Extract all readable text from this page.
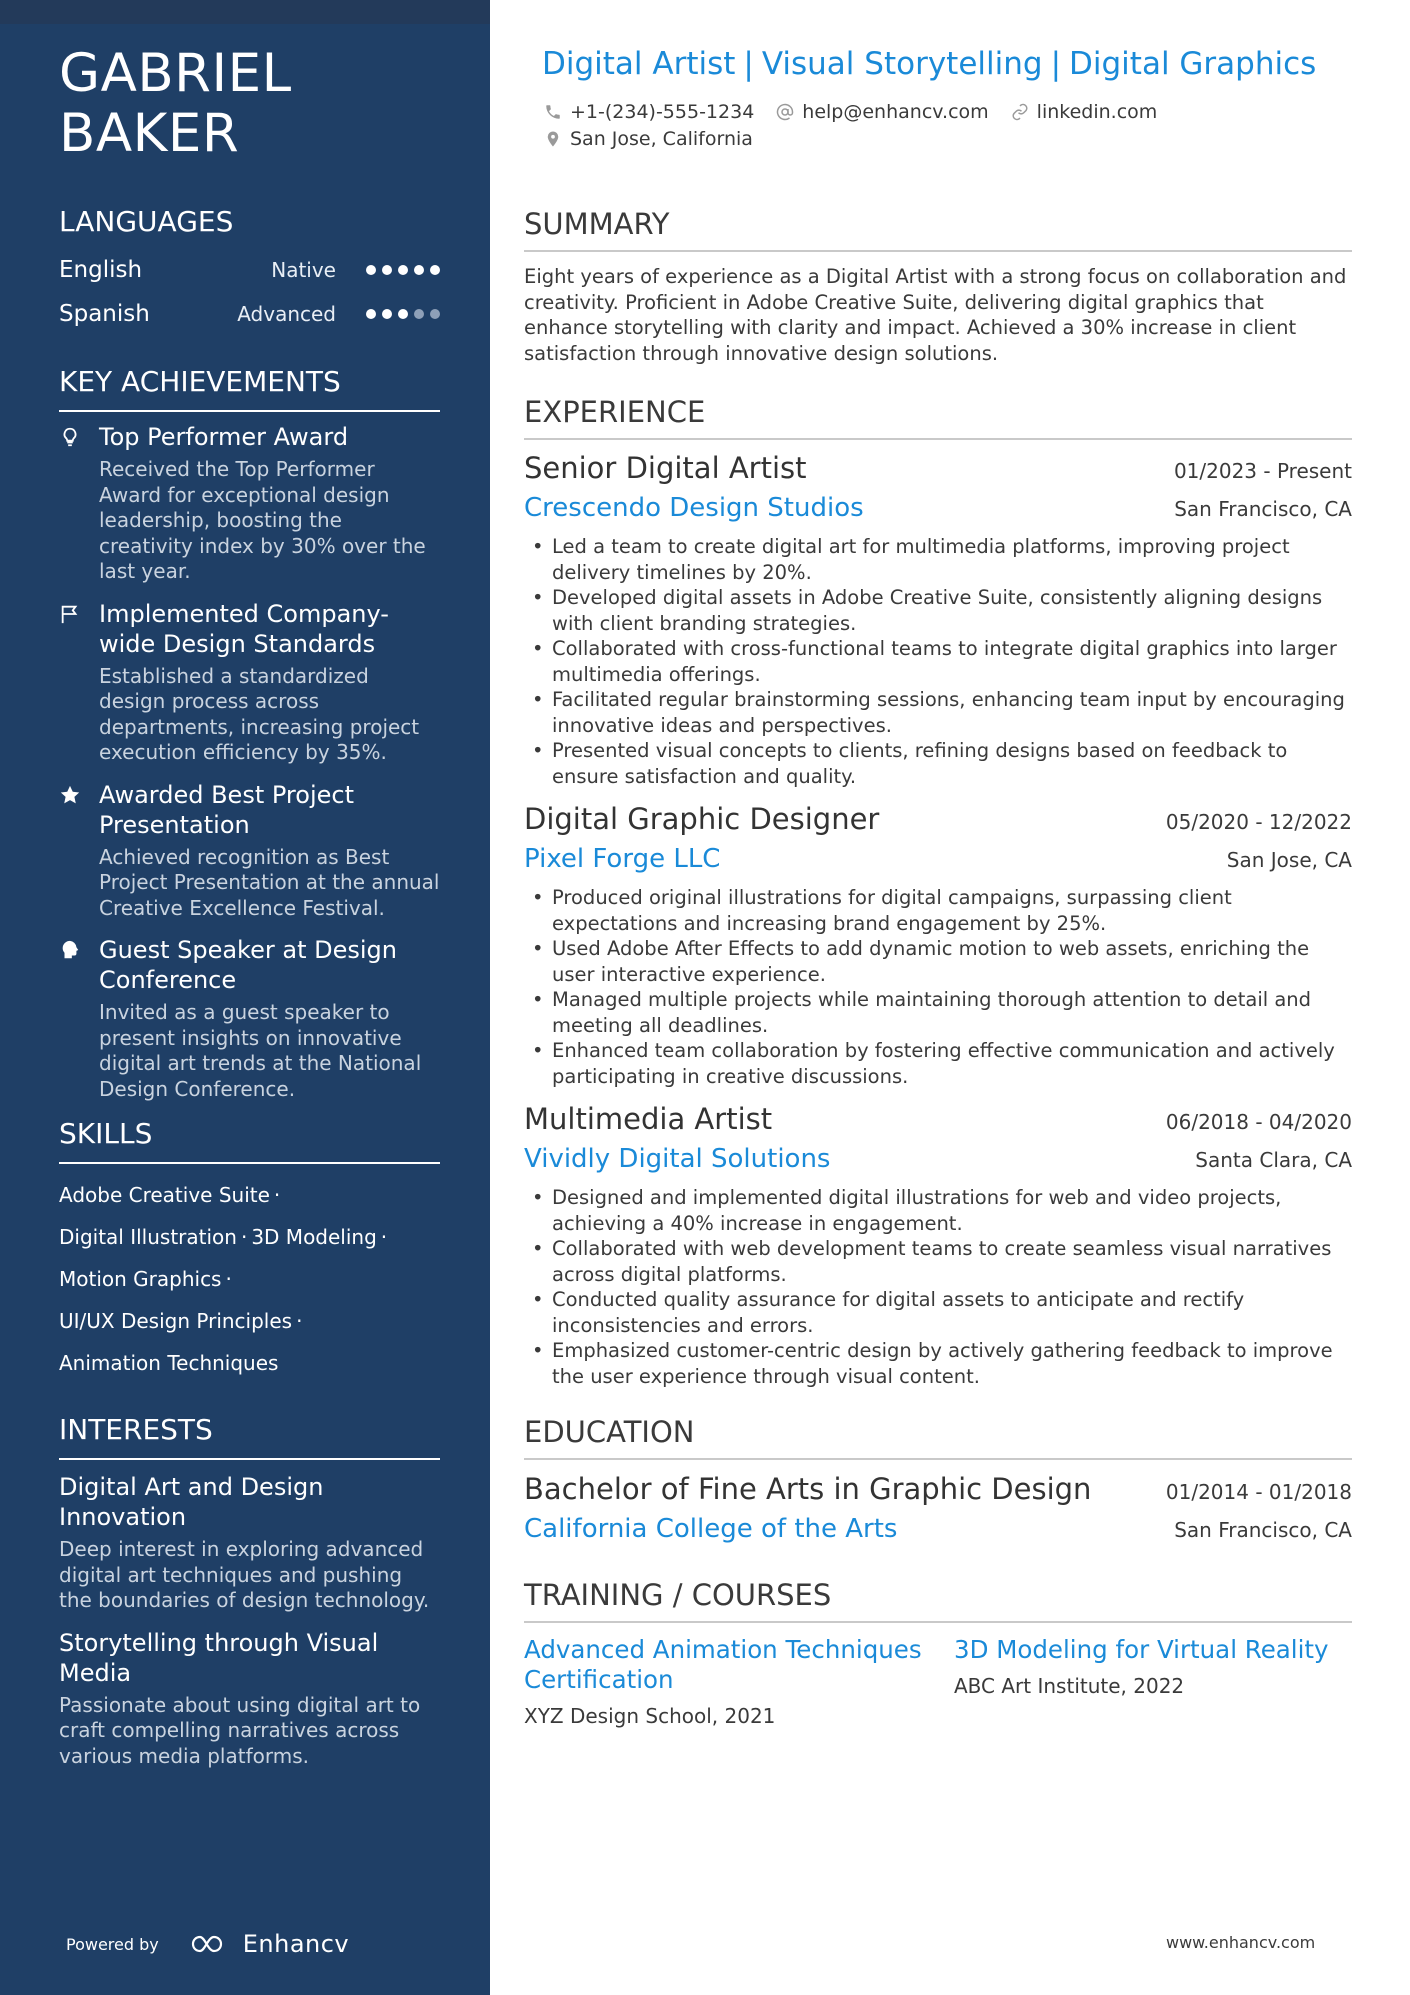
GABRIEL
BAKER
LANGUAGES
English	Native
Spanish	Advanced
KEY ACHIEVEMENTS
Top Performer Award
Received the Top Performer Award for exceptional design leadership, boosting the creativity index by 30% over the last year.
Implemented Company-wide Design Standards
Established a standardized design process across departments, increasing project execution efficiency by 35%.
Awarded Best Project Presentation
Achieved recognition as Best Project Presentation at the annual Creative Excellence Festival.
Guest Speaker at Design Conference
Invited as a guest speaker to present insights on innovative digital art trends at the National Design Conference.
SKILLS
Adobe Creative Suite ·
Digital Illustration · 3D Modeling ·
Motion Graphics ·
UI/UX Design Principles ·
Animation Techniques
INTERESTS
Digital Art and Design Innovation
Deep interest in exploring advanced digital art techniques and pushing the boundaries of design technology.
Storytelling through Visual Media
Passionate about using digital art to craft compelling narratives across various media platforms.
Powered by	Enhancv
Digital Artist | Visual Storytelling | Digital Graphics
+1-(234)-555-1234	help@enhancv.com	linkedin.com
San Jose, California
SUMMARY
Eight years of experience as a Digital Artist with a strong focus on collaboration and creativity. Proficient in Adobe Creative Suite, delivering digital graphics that enhance storytelling with clarity and impact. Achieved a 30% increase in client satisfaction through innovative design solutions.
EXPERIENCE
Senior Digital Artist	01/2023 - Present
Crescendo Design Studios	San Francisco, CA
• Led a team to create digital art for multimedia platforms, improving project delivery timelines by 20%.
• Developed digital assets in Adobe Creative Suite, consistently aligning designs with client branding strategies.
• Collaborated with cross-functional teams to integrate digital graphics into larger multimedia offerings.
• Facilitated regular brainstorming sessions, enhancing team input by encouraging innovative ideas and perspectives.
• Presented visual concepts to clients, refining designs based on feedback to ensure satisfaction and quality.
Digital Graphic Designer	05/2020 - 12/2022
Pixel Forge LLC	San Jose, CA
• Produced original illustrations for digital campaigns, surpassing client expectations and increasing brand engagement by 25%.
• Used Adobe After Effects to add dynamic motion to web assets, enriching the user interactive experience.
• Managed multiple projects while maintaining thorough attention to detail and meeting all deadlines.
• Enhanced team collaboration by fostering effective communication and actively participating in creative discussions.
Multimedia Artist	06/2018 - 04/2020
Vividly Digital Solutions	Santa Clara, CA
• Designed and implemented digital illustrations for web and video projects, achieving a 40% increase in engagement.
• Collaborated with web development teams to create seamless visual narratives across digital platforms.
• Conducted quality assurance for digital assets to anticipate and rectify inconsistencies and errors.
• Emphasized customer-centric design by actively gathering feedback to improve the user experience through visual content.
EDUCATION
Bachelor of Fine Arts in Graphic Design	01/2014 - 01/2018
California College of the Arts	San Francisco, CA
TRAINING / COURSES
Advanced Animation Techniques Certification
XYZ Design School, 2021
3D Modeling for Virtual Reality
ABC Art Institute, 2022
www.enhancv.com
